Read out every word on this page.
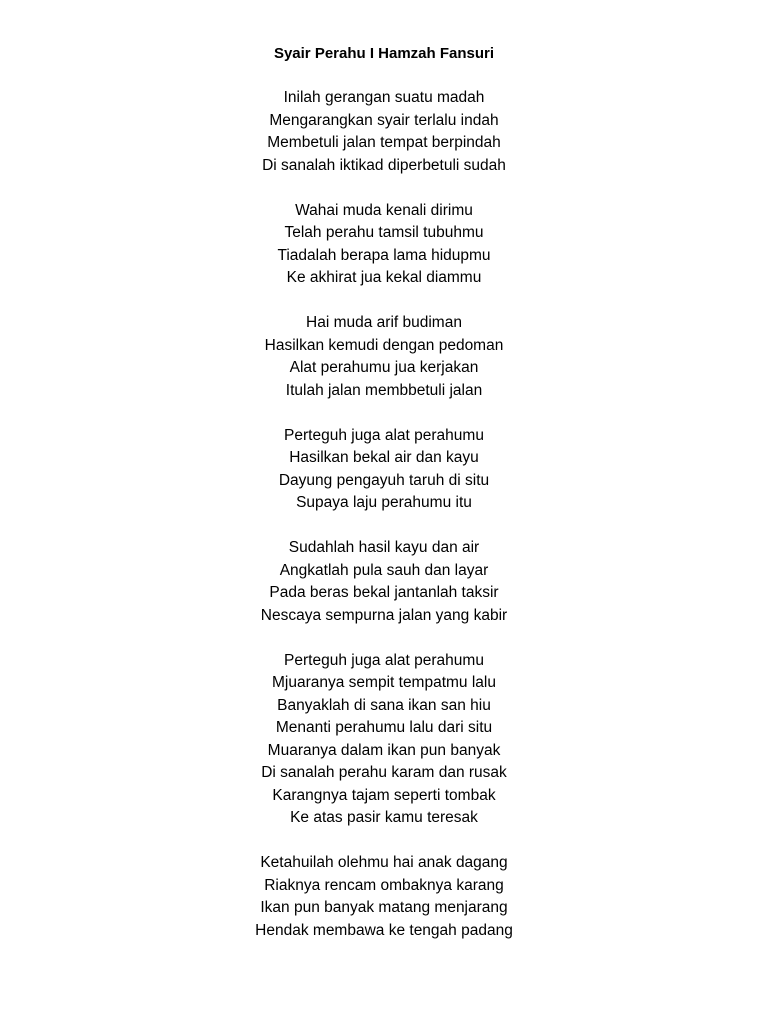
Syair Perahu I Hamzah Fansuri
Inilah gerangan suatu madah
Mengarangkan syair terlalu indah
Membetuli jalan tempat berpindah
Di sanalah iktikad diperbetuli sudah
Wahai muda kenali dirimu
Telah perahu tamsil tubuhmu
Tiadalah berapa lama hidupmu
Ke akhirat jua kekal diammu
Hai muda arif budiman
Hasilkan kemudi dengan pedoman
Alat perahumu jua kerjakan
Itulah jalan membbetuli jalan
Perteguh juga alat perahumu
Hasilkan bekal air dan kayu
Dayung pengayuh taruh di situ
Supaya laju perahumu itu
Sudahlah hasil kayu dan air
Angkatlah pula sauh dan layar
Pada beras bekal jantanlah taksir
Nescaya sempurna jalan yang kabir
Perteguh juga alat perahumu
Mjuaranya sempit tempatmu lalu
Banyaklah di sana ikan san hiu
Menanti perahumu lalu dari situ
Muaranya dalam ikan pun banyak
Di sanalah perahu karam dan rusak
Karangnya tajam seperti tombak
Ke atas pasir kamu teresak
Ketahuilah olehmu hai anak dagang
Riaknya rencam ombaknya karang
Ikan pun banyak matang menjarang
Hendak membawa ke tengah padang
